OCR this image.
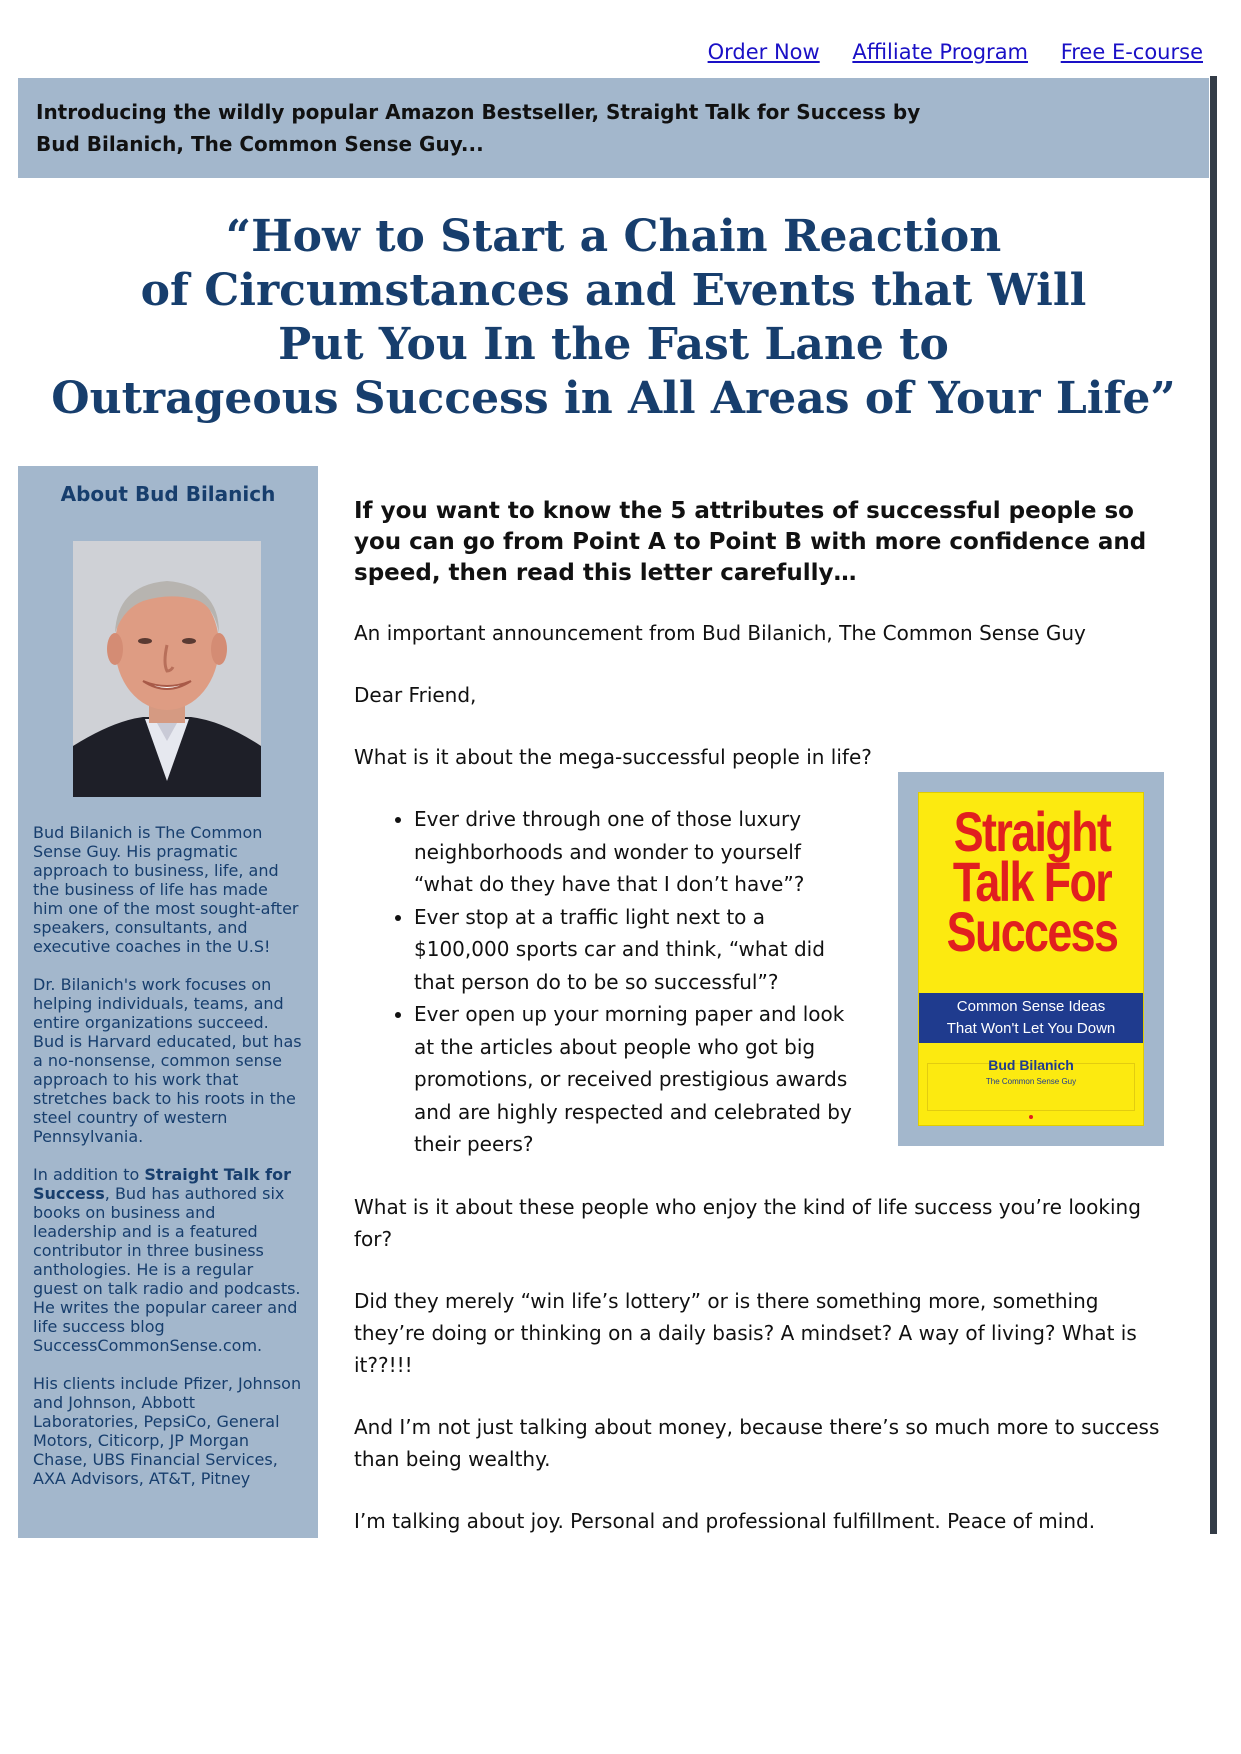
Order Now Affiliate Program Free E-course

Introducing the wildly popular Amazon Bestseller, Straight Talk for Success by
Bud Bilanich, The Common Sense Guy...

“How to Start a Chain Reaction
of Circumstances and Events that Will
Put You In the Fast Lane to
Outrageous Success in All Areas of Your Life”
About Bud Bilanich

Bud Bilanich is The Common Sense Guy. His pragmatic approach to business, life, and the business of life has made him one of the most sought-after speakers, consultants, and executive coaches in the U.S!

Dr. Bilanich's work focuses on helping individuals, teams, and entire organizations succeed. Bud is Harvard educated, but has a no-nonsense, common sense approach to his work that stretches back to his roots in the steel country of western Pennsylvania.

In addition to Straight Talk for Success, Bud has authored six books on business and leadership and is a featured contributor in three business anthologies. He is a regular guest on talk radio and podcasts. He writes the popular career and life success blog SuccessCommonSense.com.

His clients include Pfizer, Johnson and Johnson, Abbott Laboratories, PepsiCo, General Motors, Citicorp, JP Morgan Chase, UBS Financial Services, AXA Advisors, AT&T, Pitney

If you want to know the 5 attributes of successful people so you can go from Point A to Point B with more confidence and speed, then read this letter carefully…

An important announcement from Bud Bilanich, The Common Sense Guy

Dear Friend,

What is it about the mega-successful people in life?

• Ever drive through one of those luxury neighborhoods and wonder to yourself “what do they have that I don’t have”?
• Ever stop at a traffic light next to a $100,000 sports car and think, “what did that person do to be so successful”?
• Ever open up your morning paper and look at the articles about people who got big promotions, or received prestigious awards and are highly respected and celebrated by their peers?

What is it about these people who enjoy the kind of life success you’re looking for?

Did they merely “win life’s lottery” or is there something more, something they’re doing or thinking on a daily basis? A mindset? A way of living? What is it??!!!

And I’m not just talking about money, because there’s so much more to success than being wealthy.

I’m talking about joy. Personal and professional fulfillment. Peace of mind.

Straight
Talk For
Success
Common Sense Ideas
That Won't Let You Down
Bud Bilanich
The Common Sense Guy
